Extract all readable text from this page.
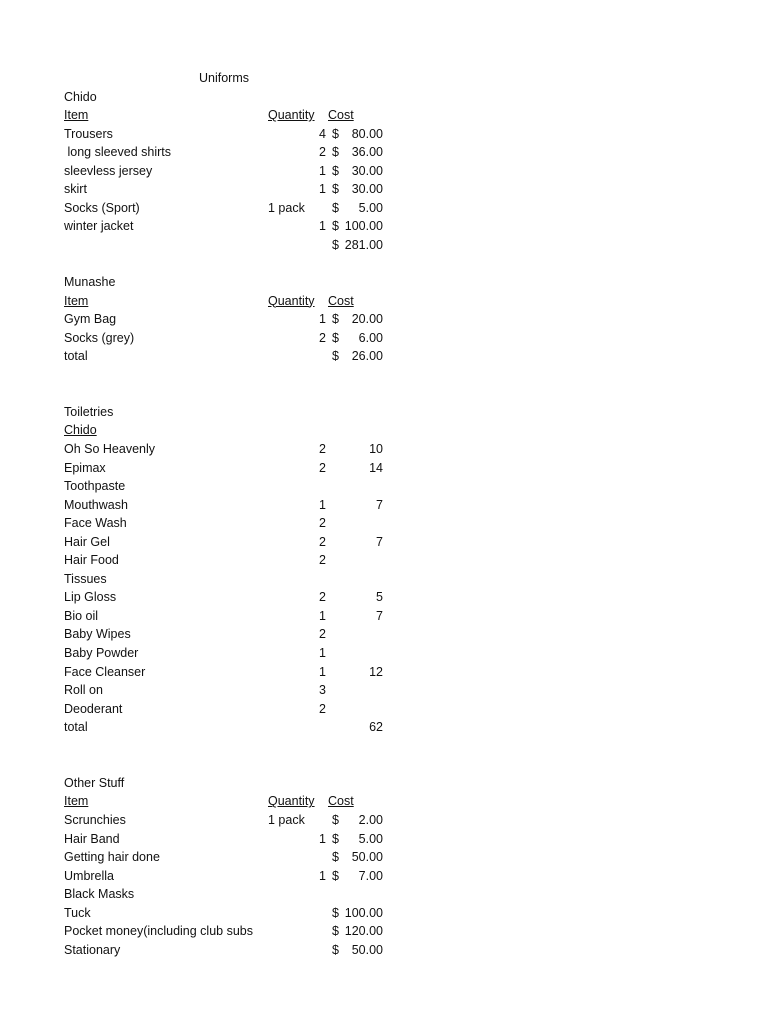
Uniforms
Chido
Item	Quantity Cost
Trousers	4 $ 80.00
long sleeved shirts	2 $ 36.00
sleevless jersey	1 $ 30.00
skirt	1 $ 30.00
Socks (Sport)	1 pack $ 5.00
winter jacket	1 $ 100.00
$ 281.00
Munashe
Item	Quantity Cost
Gym Bag	1 $ 20.00
Socks (grey)	2 $ 6.00
total	$ 26.00
Toiletries
Chido
Oh So Heavenly	2	10
Epimax	2	14
Toothpaste
Mouthwash	1	7
Face Wash	2
Hair Gel	2	7
Hair Food	2
Tissues
Lip Gloss	2	5
Bio oil	1	7
Baby Wipes	2
Baby Powder	1
Face Cleanser	1	12
Roll on	3
Deoderant	2
total	62
Other Stuff
Item	Quantity Cost
Scrunchies	1 pack $ 2.00
Hair Band	1 $ 5.00
Getting hair done	$ 50.00
Umbrella	1 $ 7.00
Black Masks
Tuck	$ 100.00
Pocket money(including club subs	$ 120.00
Stationary	$ 50.00
